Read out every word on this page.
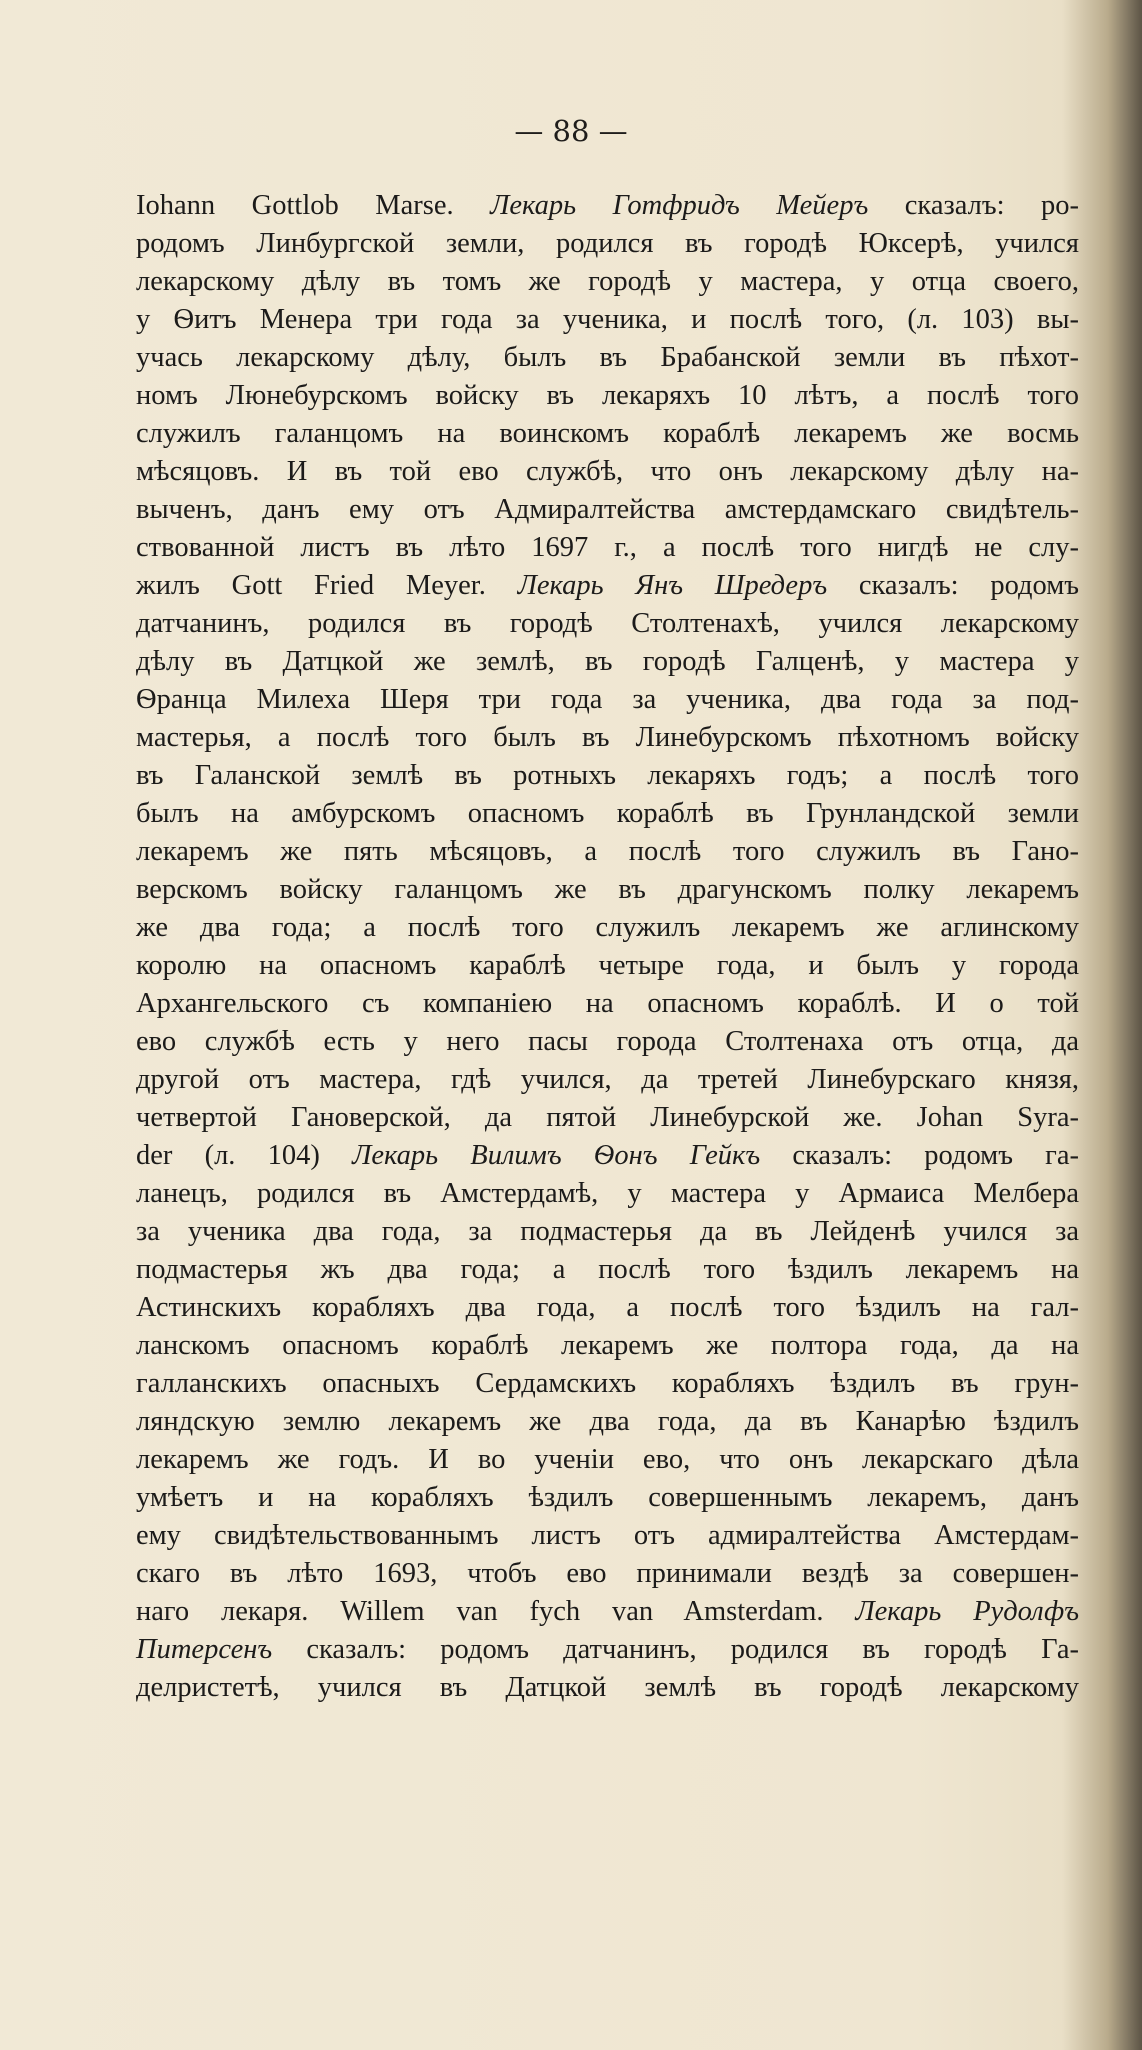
— 88 —
Iohann Gottlob Marse. Лекарь Готфридъ Мейеръ сказалъ: ро-
родомъ Линбургской земли, родился въ городѣ Юксерѣ, учился
лекарскому дѣлу въ томъ же городѣ у мастера, у отца своего,
у Ѳитъ Менера три года за ученика, и послѣ того, (л. 103) вы-
учась лекарскому дѣлу, былъ въ Брабанской земли въ пѣхот-
номъ Люнебурскомъ войску въ лекаряхъ 10 лѣтъ, а послѣ того
служилъ галанцомъ на воинскомъ кораблѣ лекаремъ же восмь
мѣсяцовъ. И въ той ево службѣ, что онъ лекарскому дѣлу на-
выченъ, данъ ему отъ Адмиралтейства амстердамскаго свидѣтель-
ствованной листъ въ лѣто 1697 г., а послѣ того нигдѣ не слу-
жилъ Gott Fried Meyer. Лекарь Янъ Шредеръ сказалъ: родомъ
датчанинъ, родился въ городѣ Столтенахѣ, учился лекарскому
дѣлу въ Датцкой же землѣ, въ городѣ Галценѣ, у мастера у
Ѳранца Милеха Шеря три года за ученика, два года за под-
мастерья, а послѣ того былъ въ Линебурскомъ пѣхотномъ войску
въ Галанской землѣ въ ротныхъ лекаряхъ годъ; а послѣ того
былъ на амбурскомъ опасномъ кораблѣ въ Грунландской земли
лекаремъ же пять мѣсяцовъ, а послѣ того служилъ въ Гано-
верскомъ войску галанцомъ же въ драгунскомъ полку лекаремъ
же два года; а послѣ того служилъ лекаремъ же аглинскому
королю на опасномъ караблѣ четыре года, и былъ у города
Архангельского съ компаніею на опасномъ кораблѣ. И о той
ево службѣ есть у него пасы города Столтенаха отъ отца, да
другой отъ мастера, гдѣ учился, да третей Линебурскаго князя,
четвертой Гановерской, да пятой Линебурской же. Johan Syra-
der (л. 104) Лекарь Вилимъ Ѳонъ Гейкъ сказалъ: родомъ га-
ланецъ, родился въ Амстердамѣ, у мастера у Армаиса Мелбера
за ученика два года, за подмастерья да въ Лейденѣ учился за
подмастерья жъ два года; а послѣ того ѣздилъ лекаремъ на
Астинскихъ корабляхъ два года, а послѣ того ѣздилъ на гал-
ланскомъ опасномъ кораблѣ лекаремъ же полтора года, да на
галланскихъ опасныхъ Сердамскихъ корабляхъ ѣздилъ въ грун-
ляндскую землю лекаремъ же два года, да въ Канарѣю ѣздилъ
лекаремъ же годъ. И во ученіи ево, что онъ лекарскаго дѣла
умѣетъ и на корабляхъ ѣздилъ совершеннымъ лекаремъ, данъ
ему свидѣтельствованнымъ листъ отъ адмиралтейства Амстердам-
скаго въ лѣто 1693, чтобъ ево принимали вездѣ за совершен-
наго лекаря. Willem van fych van Amsterdam. Лекарь Рудолфъ
Питерсенъ сказалъ: родомъ датчанинъ, родился въ городѣ Га-
делристетѣ, учился въ Датцкой землѣ въ городѣ лекарскому
